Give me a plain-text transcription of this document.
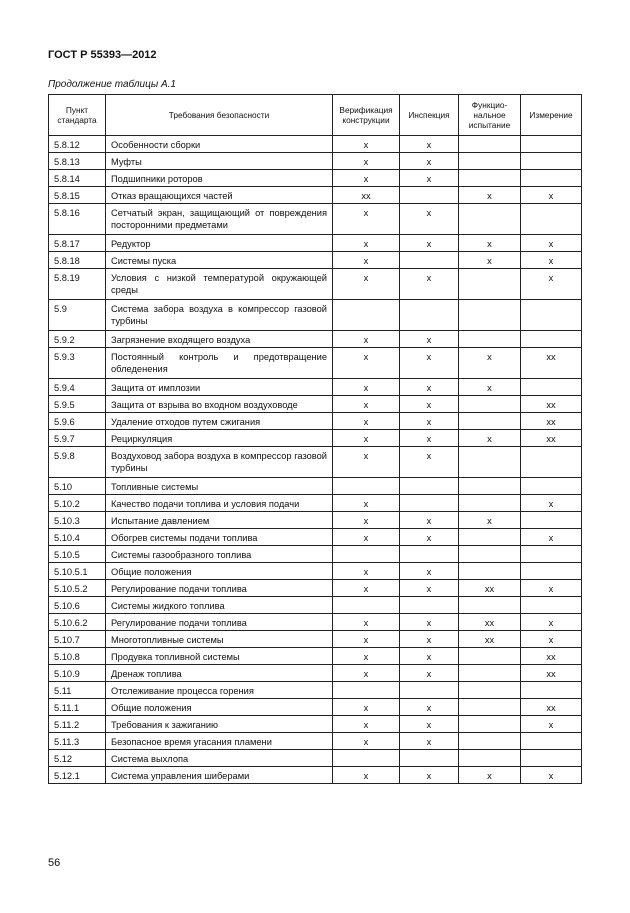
ГОСТ Р 55393—2012
Продолжение таблицы А.1
Пункт стандарта	Требования безопасности	Верификация конструкции	Инспекция	Функцио-нальное испытание	Измерение
5.8.12	Особенности сборки	x	x		
5.8.13	Муфты	x	x		
5.8.14	Подшипники роторов	x	x		
5.8.15	Отказ вращающихся частей	xx		x	x
5.8.16	Сетчатый экран, защищающий от повреждения посторонними предметами	x	x		
5.8.17	Редуктор	x	x	x	x
5.8.18	Системы пуска	x		x	x
5.8.19	Условия с низкой температурой окружающей среды	x	x		x
5.9	Система забора воздуха в компрессор газовой турбины				
5.9.2	Загрязнение входящего воздуха	x	x		
5.9.3	Постоянный контроль и предотвращение обледенения	x	x	x	xx
5.9.4	Защита от имплозии	x	x	x	
5.9.5	Защита от взрыва во входном воздуховоде	x	x		xx
5.9.6	Удаление отходов путем сжигания	x	x		xx
5.9.7	Рециркуляция	x	x	x	xx
5.9.8	Воздуховод забора воздуха в компрессор газовой турбины	x	x		
5.10	Топливные системы				
5.10.2	Качество подачи топлива и условия подачи	x			x
5.10.3	Испытание давлением	x	x	x	
5.10.4	Обогрев системы подачи топлива	x	x		x
5.10.5	Системы газообразного топлива				
5.10.5.1	Общие положения	x	x		
5.10.5.2	Регулирование подачи топлива	x	x	xx	x
5.10.6	Системы жидкого топлива				
5.10.6.2	Регулирование подачи топлива	x	x	xx	x
5.10.7	Многотопливные системы	x	x	xx	x
5.10.8	Продувка топливной системы	x	x		xx
5.10.9	Дренаж топлива	x	x		xx
5.11	Отслеживание процесса горения				
5.11.1	Общие положения	x	x		xx
5.11.2	Требования к зажиганию	x	x		x
5.11.3	Безопасное время угасания пламени	x	x		
5.12	Система выхлопа				
5.12.1	Система управления шиберами	x	x	x	x
56
